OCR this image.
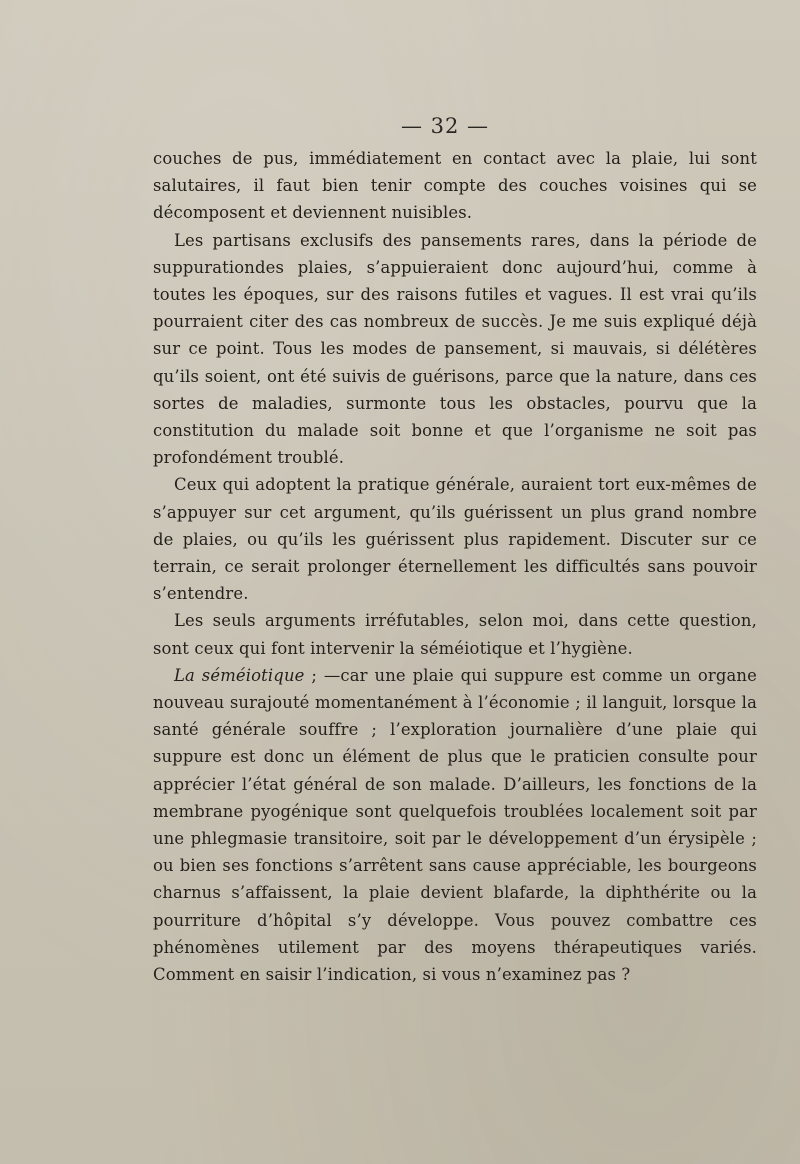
— 32 —

couches de pus, immédiatement en contact avec la plaie, lui sont salutaires, il faut bien tenir compte des couches voisines qui se décomposent et deviennent nuisibles.

Les partisans exclusifs des pansements rares, dans la période de suppurationdes plaies, s’appuieraient donc aujourd’hui, comme à toutes les époques, sur des raisons futiles et vagues. Il est vrai qu’ils pourraient citer des cas nombreux de succès. Je me suis expliqué déjà sur ce point. Tous les modes de pansement, si mauvais, si délétères qu’ils soient, ont été suivis de guérisons, parce que la nature, dans ces sortes de maladies, surmonte tous les obstacles, pourvu que la constitution du malade soit bonne et que l’organisme ne soit pas profondément troublé.

Ceux qui adoptent la pratique générale, auraient tort eux-mêmes de s’appuyer sur cet argument, qu’ils guérissent un plus grand nombre de plaies, ou qu’ils les guérissent plus rapidement. Discuter sur ce terrain, ce serait prolonger éternellement les difficultés sans pouvoir s’entendre.

Les seuls arguments irréfutables, selon moi, dans cette question, sont ceux qui font intervenir la séméiotique et l’hygiène.

La séméiotique ; —car une plaie qui suppure est comme un organe nouveau surajouté momentanément à l’économie ; il languit, lorsque la santé générale souffre ; l’exploration journalière d’une plaie qui suppure est donc un élément de plus que le praticien consulte pour apprécier l’état général de son malade. D’ailleurs, les fonctions de la membrane pyogénique sont quelquefois troublées localement soit par une phlegmasie transitoire, soit par le développement d’un érysipèle ; ou bien ses fonctions s’arrêtent sans cause appréciable, les bourgeons charnus s’affaissent, la plaie devient blafarde, la diphthérite ou la pourriture d’hôpital s’y développe. Vous pouvez combattre ces phénomènes utilement par des moyens thérapeutiques variés. Comment en saisir l’indication, si vous n’examinez pas ?
